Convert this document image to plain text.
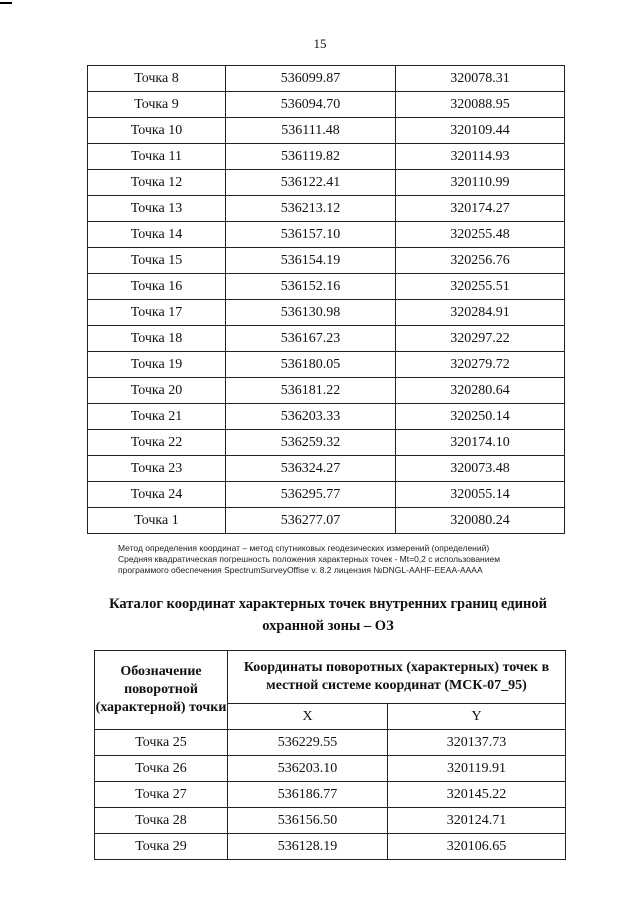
15
Точка 8	536099.87	320078.31
Точка 9	536094.70	320088.95
Точка 10	536111.48	320109.44
Точка 11	536119.82	320114.93
Точка 12	536122.41	320110.99
Точка 13	536213.12	320174.27
Точка 14	536157.10	320255.48
Точка 15	536154.19	320256.76
Точка 16	536152.16	320255.51
Точка 17	536130.98	320284.91
Точка 18	536167.23	320297.22
Точка 19	536180.05	320279.72
Точка 20	536181.22	320280.64
Точка 21	536203.33	320250.14
Точка 22	536259.32	320174.10
Точка 23	536324.27	320073.48
Точка 24	536295.77	320055.14
Точка 1	536277.07	320080.24
Метод определения координат – метод спутниковых геодезических измерений (определений)
Средняя квадратическая погрешность положения характерных точек - Mt=0,2 с использованием
программого обеспечения SpectrumSurveyOffise v. 8.2 лицензия №DNGL-AAHF-EEAA-AAAA
Каталог координат характерных точек внутренних границ единой
охранной зоны – ОЗ
Обозначение поворотной (характерной) точки	Координаты поворотных (характерных) точек в местной системе координат (МСК-07_95)	
	X	Y
Точка 25	536229.55	320137.73
Точка 26	536203.10	320119.91
Точка 27	536186.77	320145.22
Точка 28	536156.50	320124.71
Точка 29	536128.19	320106.65
